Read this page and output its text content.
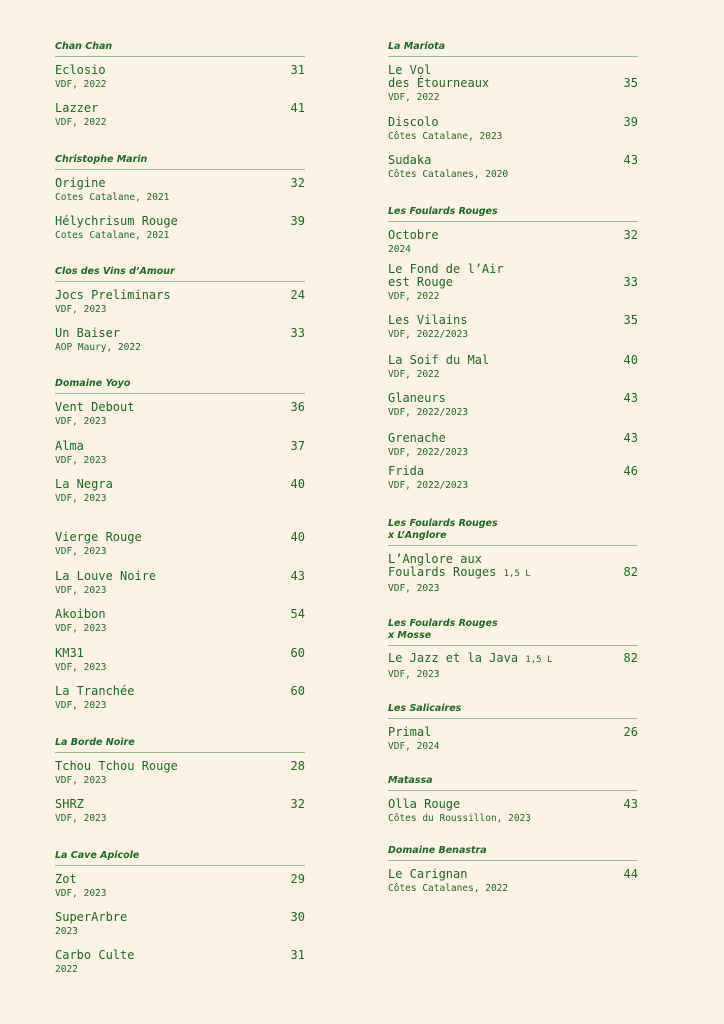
Chan Chan
Eclosio
VDF, 2022
31
Lazzer
VDF, 2022
41
Christophe Marin
Origine
Cotes Catalane, 2021
32
Hélychrisum Rouge
Cotes Catalane, 2021
39
Clos des Vins d’Amour
Jocs Preliminars
VDF, 2023
24
Un Baiser
AOP Maury, 2022
33
Domaine Yoyo
Vent Debout
VDF, 2023
36
Alma
VDF, 2023
37
La Negra
VDF, 2023
40
Vierge Rouge
VDF, 2023
40
La Louve Noire
VDF, 2023
43
Akoibon
VDF, 2023
54
KM31
VDF, 2023
60
La Tranchée
VDF, 2023
60
La Borde Noire
Tchou Tchou Rouge
VDF, 2023
28
SHRZ
VDF, 2023
32
La Cave Apicole
Zot
VDF, 2023
29
SuperArbre
2023
30
Carbo Culte
2022
31
La Mariota
Le Vol
des Étourneaux
VDF, 2022
35
Discolo
Côtes Catalane, 2023
39
Sudaka
Côtes Catalanes, 2020
43
Les Foulards Rouges
Octobre
2024
32
Le Fond de l’Air
est Rouge
VDF, 2022
33
Les Vilains
VDF, 2022/2023
35
La Soif du Mal
VDF, 2022
40
Glaneurs
VDF, 2022/2023
43
Grenache
VDF, 2022/2023
43
Frida
VDF, 2022/2023
46
Les Foulards Rouges
x L’Anglore
L’Anglore aux
Foulards Rouges 1,5 L
VDF, 2023
82
Les Foulards Rouges
x Mosse
Le Jazz et la Java 1,5 L
VDF, 2023
82
Les Salicaires
Primal
VDF, 2024
26
Matassa
Olla Rouge
Côtes du Roussillon, 2023
43
Domaine Benastra
Le Carignan
Côtes Catalanes, 2022
44
